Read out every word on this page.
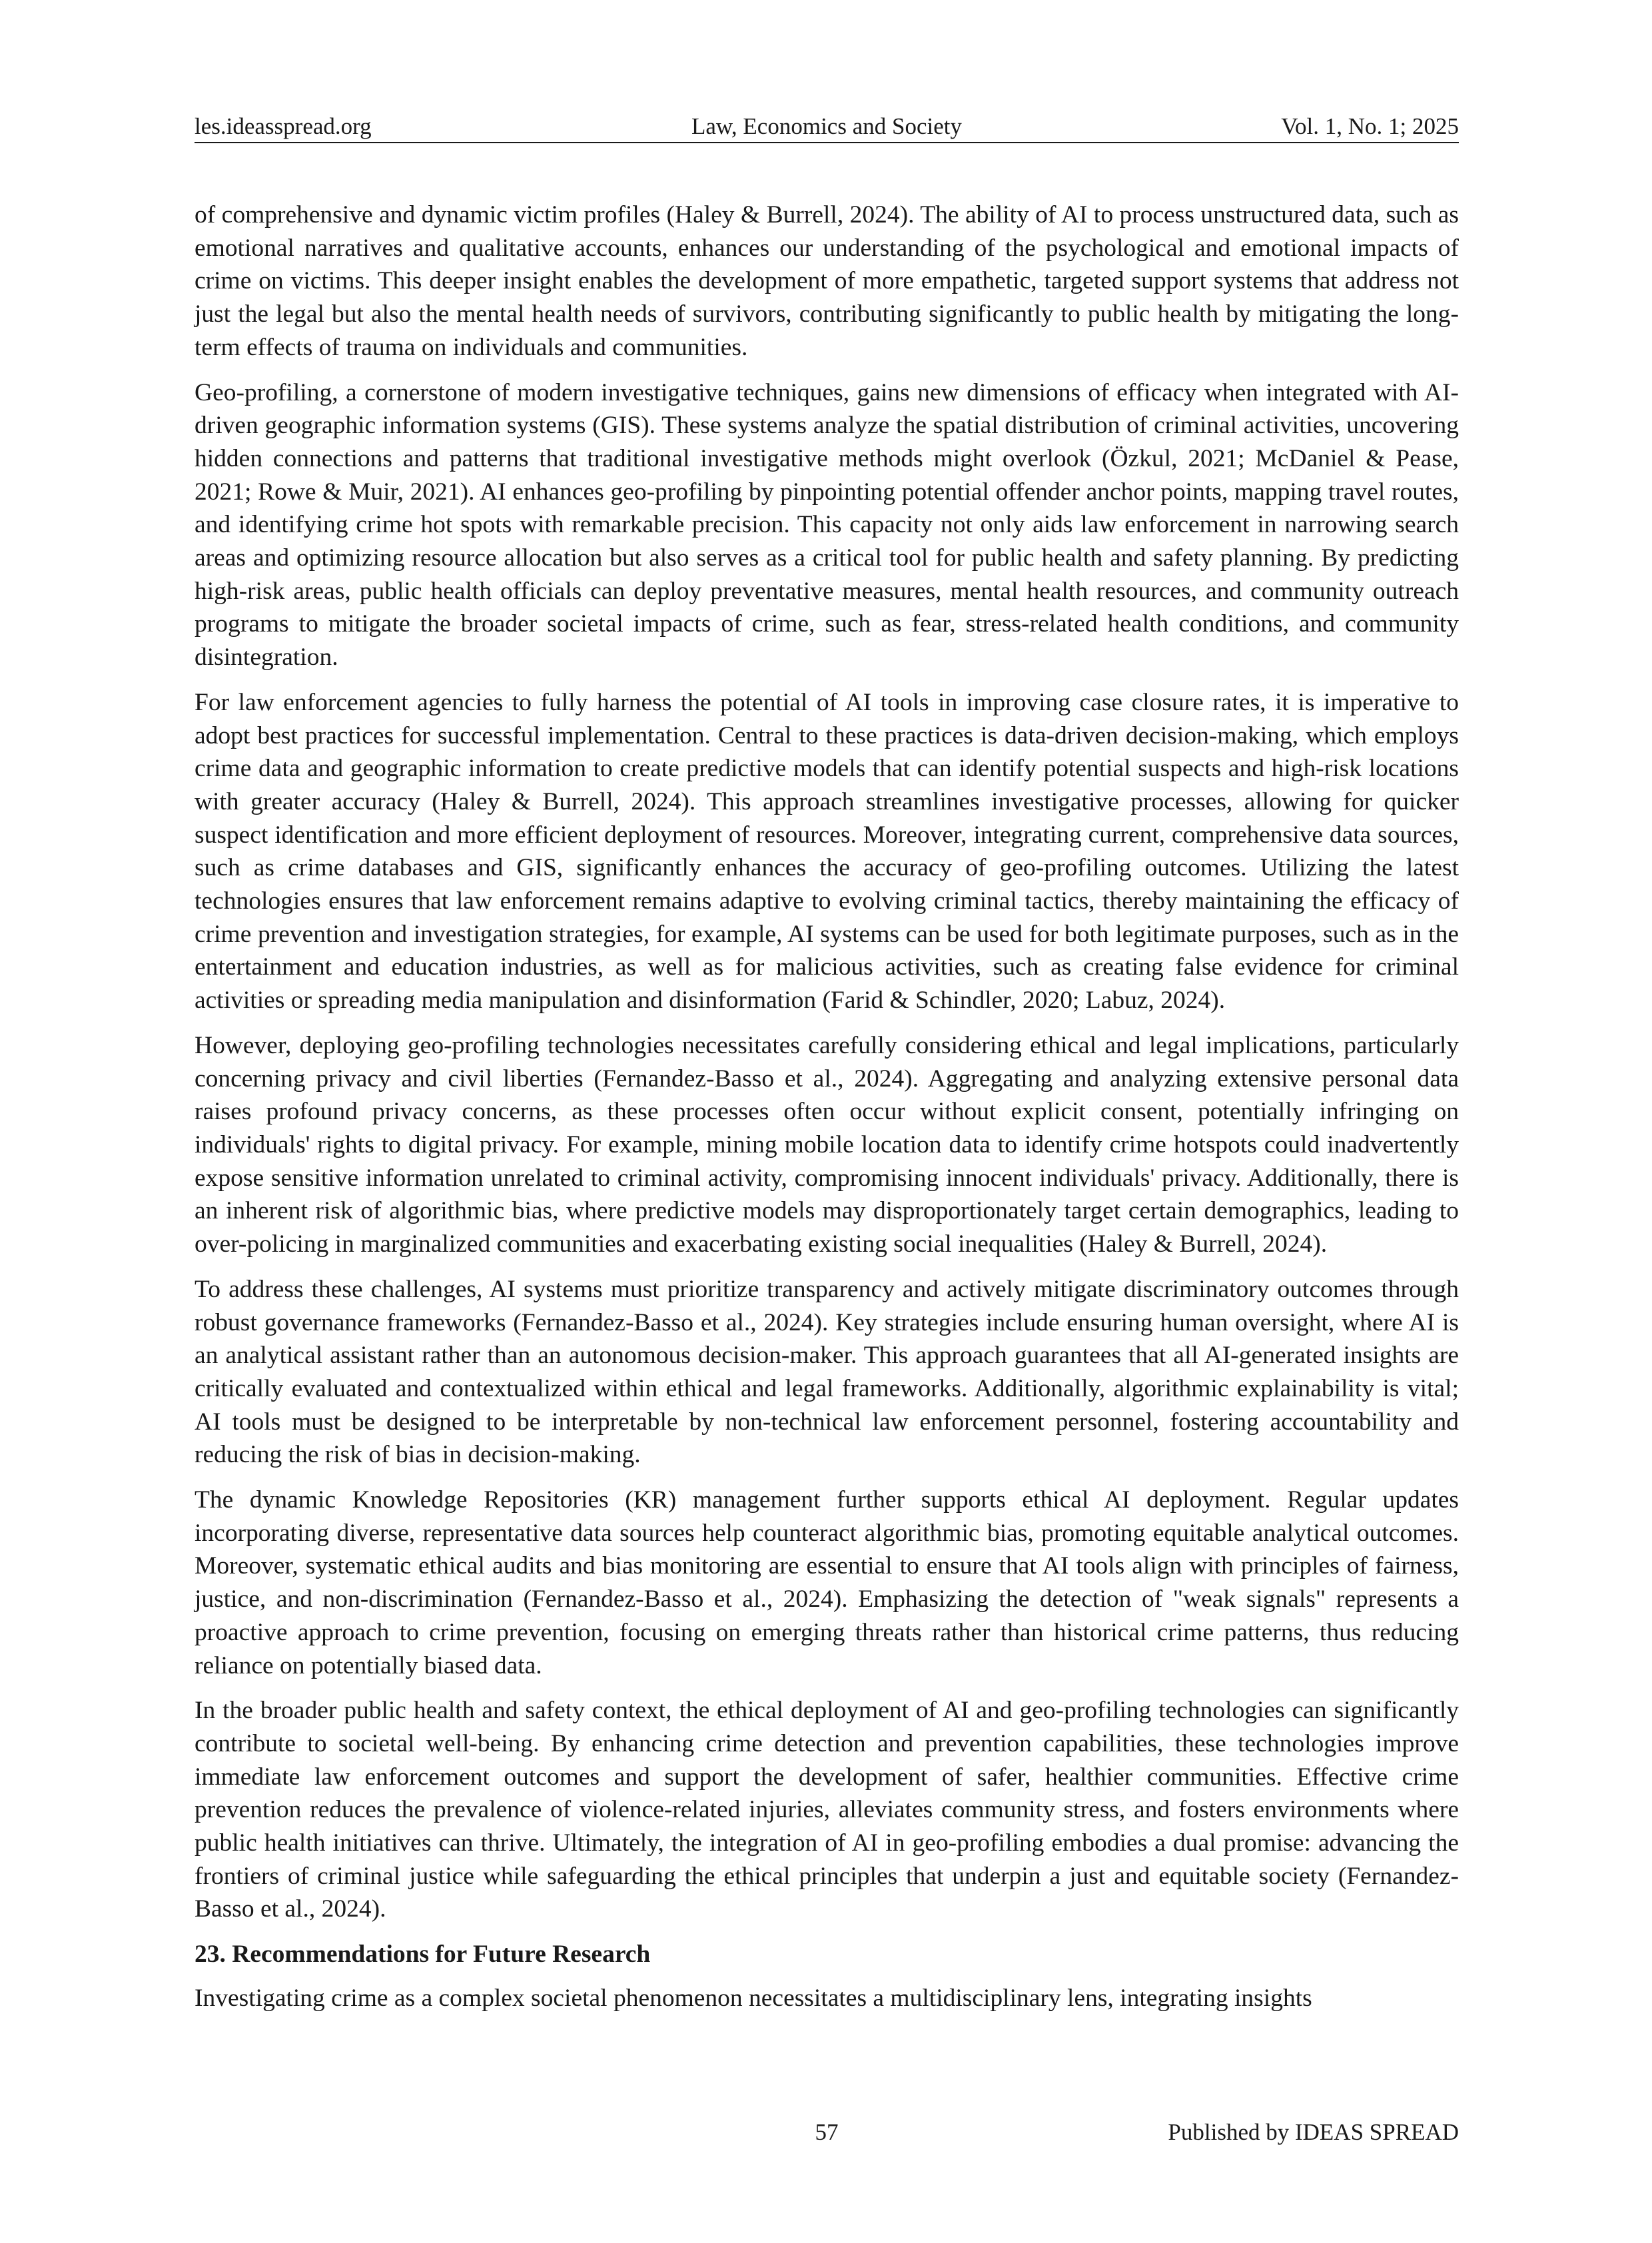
les.ideasspread.org	Law, Economics and Society	Vol. 1, No. 1; 2025

of comprehensive and dynamic victim profiles (Haley & Burrell, 2024). The ability of AI to process unstructured data, such as emotional narratives and qualitative accounts, enhances our understanding of the psychological and emotional impacts of crime on victims. This deeper insight enables the development of more empathetic, targeted support systems that address not just the legal but also the mental health needs of survivors, contributing significantly to public health by mitigating the long-term effects of trauma on individuals and communities.

Geo-profiling, a cornerstone of modern investigative techniques, gains new dimensions of efficacy when integrated with AI-driven geographic information systems (GIS). These systems analyze the spatial distribution of criminal activities, uncovering hidden connections and patterns that traditional investigative methods might overlook (Özkul, 2021; McDaniel & Pease, 2021; Rowe & Muir, 2021). AI enhances geo-profiling by pinpointing potential offender anchor points, mapping travel routes, and identifying crime hot spots with remarkable precision. This capacity not only aids law enforcement in narrowing search areas and optimizing resource allocation but also serves as a critical tool for public health and safety planning. By predicting high-risk areas, public health officials can deploy preventative measures, mental health resources, and community outreach programs to mitigate the broader societal impacts of crime, such as fear, stress-related health conditions, and community disintegration.

For law enforcement agencies to fully harness the potential of AI tools in improving case closure rates, it is imperative to adopt best practices for successful implementation. Central to these practices is data-driven decision-making, which employs crime data and geographic information to create predictive models that can identify potential suspects and high-risk locations with greater accuracy (Haley & Burrell, 2024). This approach streamlines investigative processes, allowing for quicker suspect identification and more efficient deployment of resources. Moreover, integrating current, comprehensive data sources, such as crime databases and GIS, significantly enhances the accuracy of geo-profiling outcomes. Utilizing the latest technologies ensures that law enforcement remains adaptive to evolving criminal tactics, thereby maintaining the efficacy of crime prevention and investigation strategies, for example, AI systems can be used for both legitimate purposes, such as in the entertainment and education industries, as well as for malicious activities, such as creating false evidence for criminal activities or spreading media manipulation and disinformation (Farid & Schindler, 2020; Labuz, 2024).

However, deploying geo-profiling technologies necessitates carefully considering ethical and legal implications, particularly concerning privacy and civil liberties (Fernandez-Basso et al., 2024). Aggregating and analyzing extensive personal data raises profound privacy concerns, as these processes often occur without explicit consent, potentially infringing on individuals' rights to digital privacy. For example, mining mobile location data to identify crime hotspots could inadvertently expose sensitive information unrelated to criminal activity, compromising innocent individuals' privacy. Additionally, there is an inherent risk of algorithmic bias, where predictive models may disproportionately target certain demographics, leading to over-policing in marginalized communities and exacerbating existing social inequalities (Haley & Burrell, 2024).

To address these challenges, AI systems must prioritize transparency and actively mitigate discriminatory outcomes through robust governance frameworks (Fernandez-Basso et al., 2024). Key strategies include ensuring human oversight, where AI is an analytical assistant rather than an autonomous decision-maker. This approach guarantees that all AI-generated insights are critically evaluated and contextualized within ethical and legal frameworks. Additionally, algorithmic explainability is vital; AI tools must be designed to be interpretable by non-technical law enforcement personnel, fostering accountability and reducing the risk of bias in decision-making.

The dynamic Knowledge Repositories (KR) management further supports ethical AI deployment. Regular updates incorporating diverse, representative data sources help counteract algorithmic bias, promoting equitable analytical outcomes. Moreover, systematic ethical audits and bias monitoring are essential to ensure that AI tools align with principles of fairness, justice, and non-discrimination (Fernandez-Basso et al., 2024). Emphasizing the detection of "weak signals" represents a proactive approach to crime prevention, focusing on emerging threats rather than historical crime patterns, thus reducing reliance on potentially biased data.

In the broader public health and safety context, the ethical deployment of AI and geo-profiling technologies can significantly contribute to societal well-being. By enhancing crime detection and prevention capabilities, these technologies improve immediate law enforcement outcomes and support the development of safer, healthier communities. Effective crime prevention reduces the prevalence of violence-related injuries, alleviates community stress, and fosters environments where public health initiatives can thrive. Ultimately, the integration of AI in geo-profiling embodies a dual promise: advancing the frontiers of criminal justice while safeguarding the ethical principles that underpin a just and equitable society (Fernandez-Basso et al., 2024).

23. Recommendations for Future Research

Investigating crime as a complex societal phenomenon necessitates a multidisciplinary lens, integrating insights

57	Published by IDEAS SPREAD
